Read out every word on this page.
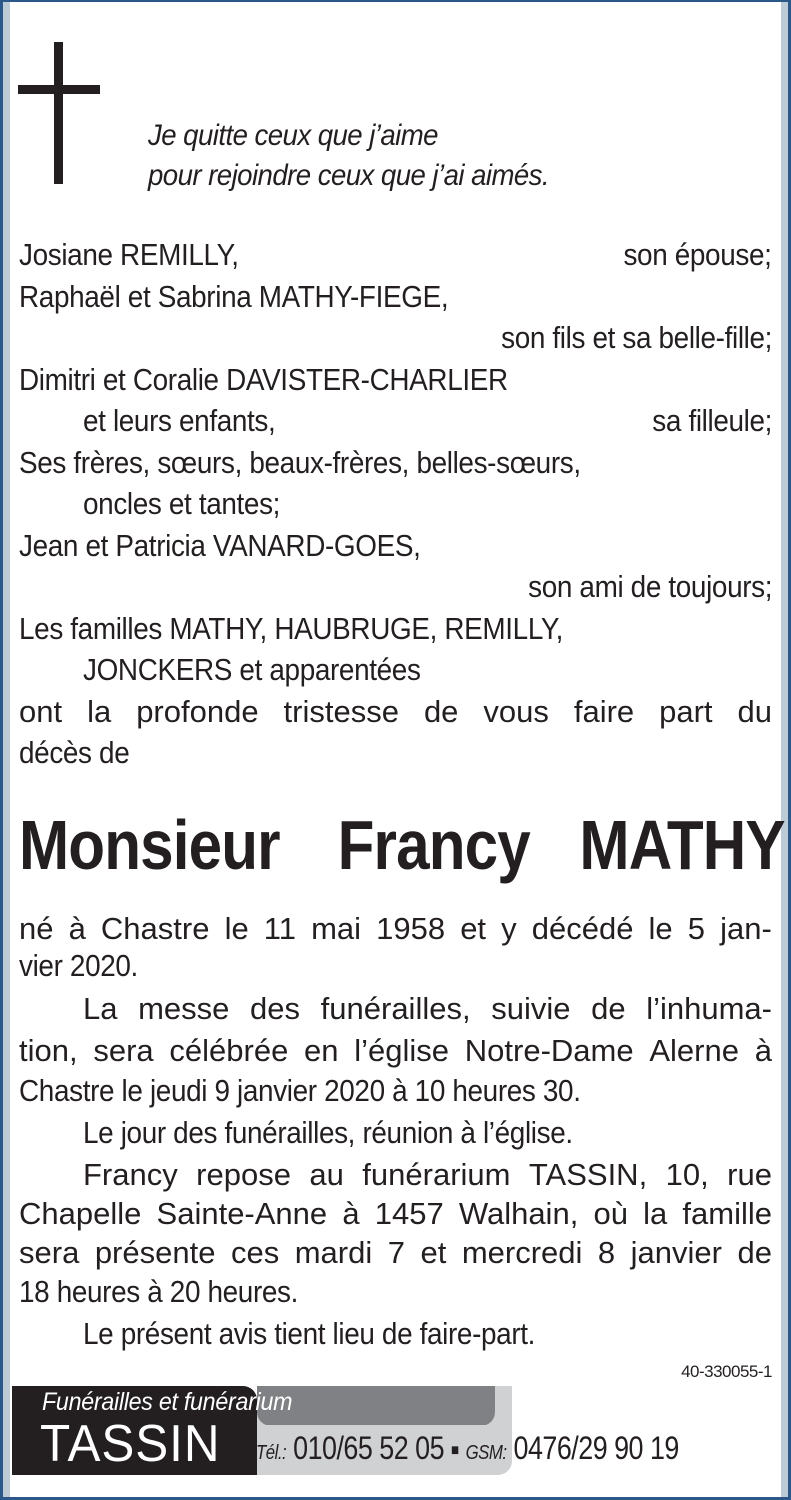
Je quitte ceux que j’aime
pour rejoindre ceux que j’ai aimés.
Josiane REMILLY,	son épouse;
Raphaël et Sabrina MATHY-FIEGE,
son fils et sa belle-fille;
Dimitri et Coralie DAVISTER-CHARLIER
et leurs enfants,	sa filleule;
Ses frères, sœurs, beaux-frères, belles-sœurs,
oncles et tantes;
Jean et Patricia VANARD-GOES,
son ami de toujours;
Les familles MATHY, HAUBRUGE, REMILLY,
JONCKERS et apparentées
ont la profonde tristesse de vous faire part du
décès de
Monsieur Francy MATHY
né à Chastre le 11 mai 1958 et y décédé le 5 jan-
vier 2020.
La messe des funérailles, suivie de l’inhuma-
tion, sera célébrée en l’église Notre-Dame Alerne à
Chastre le jeudi 9 janvier 2020 à 10 heures 30.
Le jour des funérailles, réunion à l’église.
Francy repose au funérarium TASSIN, 10, rue
Chapelle Sainte-Anne à 1457 Walhain, où la famille
sera présente ces mardi 7 et mercredi 8 janvier de
18 heures à 20 heures.
Le présent avis tient lieu de faire-part.
40-330055-1
Funérailles et funérarium
TASSIN
WALHAIN
Tél.: 010/65 52 05 ■ GSM: 0476/29 90 19
